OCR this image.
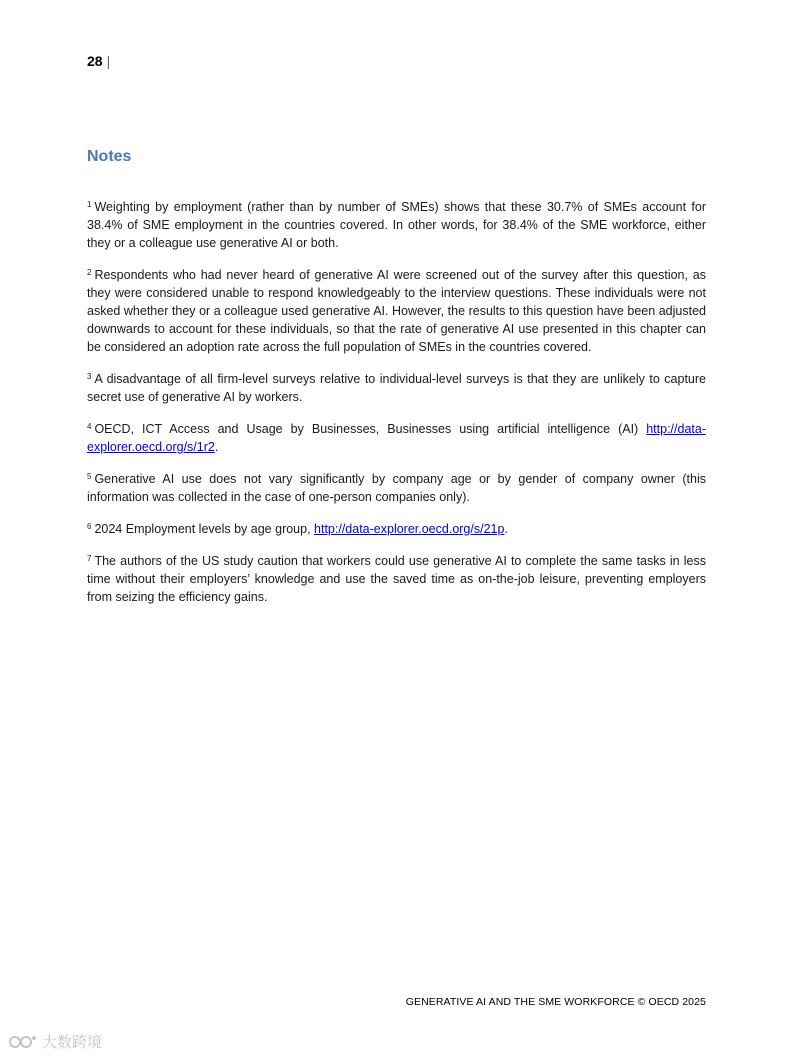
28 |
Notes
$^1$ Weighting by employment (rather than by number of SMEs) shows that these 30.7% of SMEs account for 38.4% of SME employment in the countries covered. In other words, for 38.4% of the SME workforce, either they or a colleague use generative AI or both.
$^2$ Respondents who had never heard of generative AI were screened out of the survey after this question, as they were considered unable to respond knowledgeably to the interview questions. These individuals were not asked whether they or a colleague used generative AI. However, the results to this question have been adjusted downwards to account for these individuals, so that the rate of generative AI use presented in this chapter can be considered an adoption rate across the full population of SMEs in the countries covered.
$^3$ A disadvantage of all firm-level surveys relative to individual-level surveys is that they are unlikely to capture secret use of generative AI by workers.
$^4$ OECD, ICT Access and Usage by Businesses, Businesses using artificial intelligence (AI) http://data-explorer.oecd.org/s/1r2.
$^5$ Generative AI use does not vary significantly by company age or by gender of company owner (this information was collected in the case of one-person companies only).
$^6$ 2024 Employment levels by age group, http://data-explorer.oecd.org/s/21p.
$^7$ The authors of the US study caution that workers could use generative AI to complete the same tasks in less time without their employers’ knowledge and use the saved time as on-the-job leisure, preventing employers from seizing the efficiency gains.
GENERATIVE AI AND THE SME WORKFORCE © OECD 2025
大数跨境
